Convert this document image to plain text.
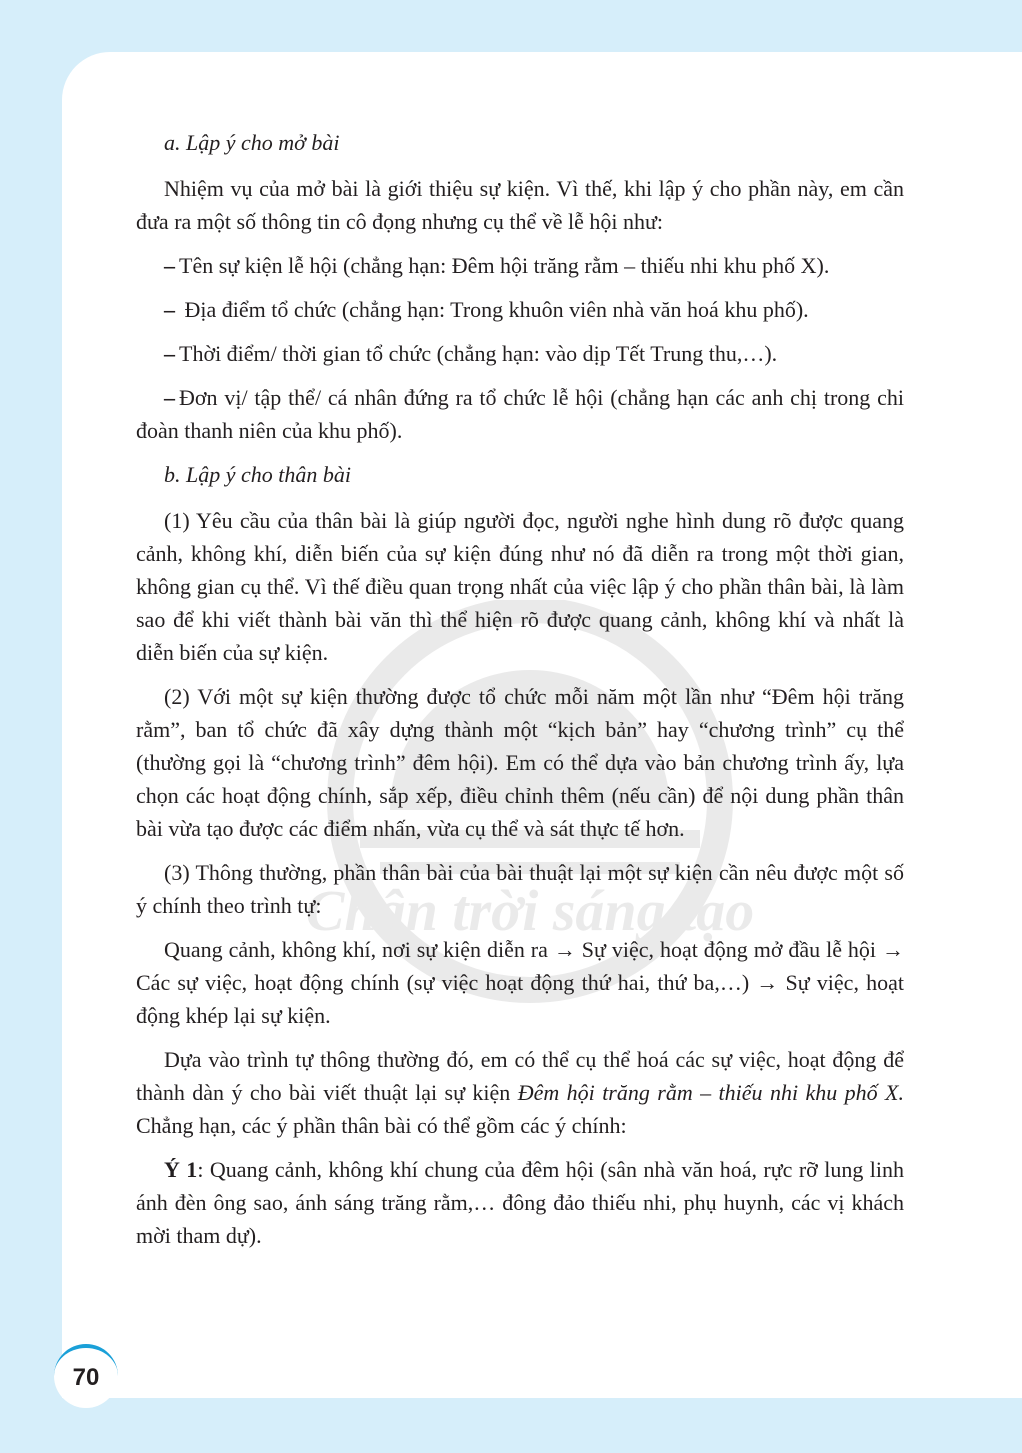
Chân trời sáng tạo

a. Lập ý cho mở bài

Nhiệm vụ của mở bài là giới thiệu sự kiện. Vì thế, khi lập ý cho phần này, em cần đưa ra một số thông tin cô đọng nhưng cụ thể về lễ hội như:

– Tên sự kiện lễ hội (chẳng hạn: Đêm hội trăng rằm – thiếu nhi khu phố X).

– Địa điểm tổ chức (chẳng hạn: Trong khuôn viên nhà văn hoá khu phố).

– Thời điểm/ thời gian tổ chức (chẳng hạn: vào dịp Tết Trung thu,…).

– Đơn vị/ tập thể/ cá nhân đứng ra tổ chức lễ hội (chẳng hạn các anh chị trong chi đoàn thanh niên của khu phố).

b. Lập ý cho thân bài

(1) Yêu cầu của thân bài là giúp người đọc, người nghe hình dung rõ được quang cảnh, không khí, diễn biến của sự kiện đúng như nó đã diễn ra trong một thời gian, không gian cụ thể. Vì thế điều quan trọng nhất của việc lập ý cho phần thân bài, là làm sao để khi viết thành bài văn thì thể hiện rõ được quang cảnh, không khí và nhất là diễn biến của sự kiện.

(2) Với một sự kiện thường được tổ chức mỗi năm một lần như “Đêm hội trăng rằm”, ban tổ chức đã xây dựng thành một “kịch bản” hay “chương trình” cụ thể (thường gọi là “chương trình” đêm hội). Em có thể dựa vào bản chương trình ấy, lựa chọn các hoạt động chính, sắp xếp, điều chỉnh thêm (nếu cần) để nội dung phần thân bài vừa tạo được các điểm nhấn, vừa cụ thể và sát thực tế hơn.

(3) Thông thường, phần thân bài của bài thuật lại một sự kiện cần nêu được một số ý chính theo trình tự:

Quang cảnh, không khí, nơi sự kiện diễn ra → Sự việc, hoạt động mở đầu lễ hội → Các sự việc, hoạt động chính (sự việc hoạt động thứ hai, thứ ba,…) → Sự việc, hoạt động khép lại sự kiện.

Dựa vào trình tự thông thường đó, em có thể cụ thể hoá các sự việc, hoạt động để thành dàn ý cho bài viết thuật lại sự kiện Đêm hội trăng rằm – thiếu nhi khu phố X. Chẳng hạn, các ý phần thân bài có thể gồm các ý chính:

Ý 1: Quang cảnh, không khí chung của đêm hội (sân nhà văn hoá, rực rỡ lung linh ánh đèn ông sao, ánh sáng trăng rằm,… đông đảo thiếu nhi, phụ huynh, các vị khách mời tham dự).

70
